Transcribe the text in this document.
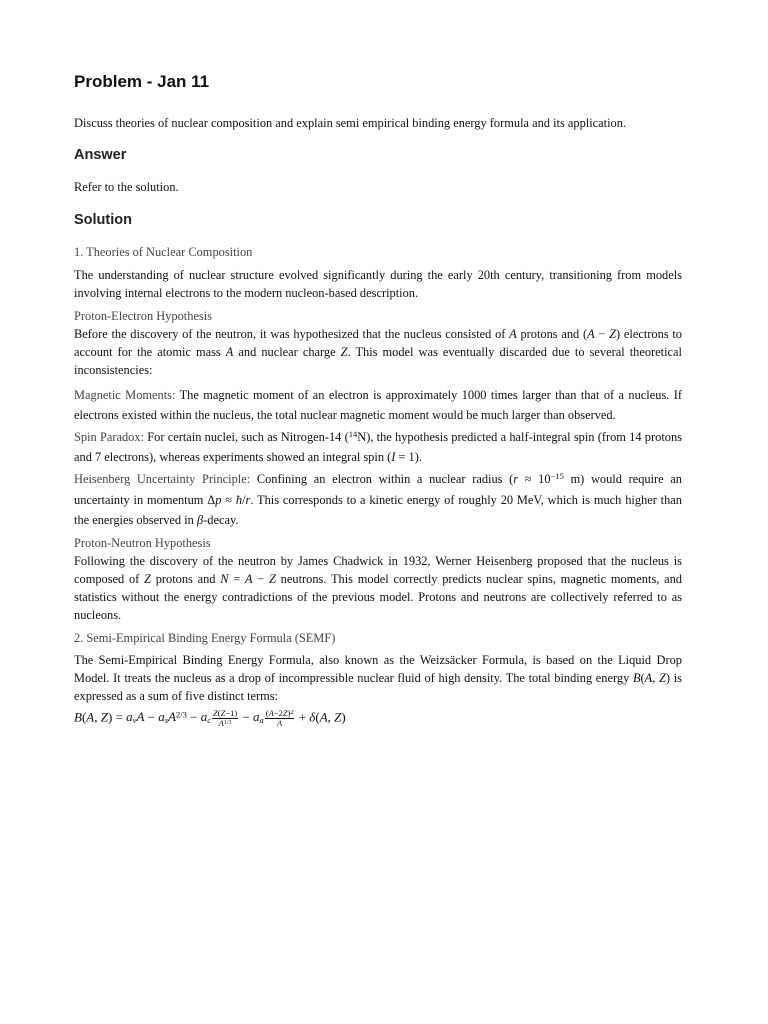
Problem - Jan 11

Discuss theories of nuclear composition and explain semi empirical binding energy formula and its application.

Answer

Refer to the solution.

Solution

1. Theories of Nuclear Composition

The understanding of nuclear structure evolved significantly during the early 20th century, transitioning from models involving internal electrons to the modern nucleon-based description.

Proton-Electron Hypothesis

Before the discovery of the neutron, it was hypothesized that the nucleus consisted of A protons and (A − Z) electrons to account for the atomic mass A and nuclear charge Z. This model was eventually discarded due to several theoretical inconsistencies:

Magnetic Moments: The magnetic moment of an electron is approximately 1000 times larger than that of a nucleus. If electrons existed within the nucleus, the total nuclear magnetic moment would be much larger than observed.

Spin Paradox: For certain nuclei, such as Nitrogen-14 ($^{14}$N), the hypothesis predicted a half-integral spin (from 14 protons and 7 electrons), whereas experiments showed an integral spin (I = 1).

Heisenberg Uncertainty Principle: Confining an electron within a nuclear radius ($r \approx 10^{-15}$ m) would require an uncertainty in momentum Δp ≈ ħ/r. This corresponds to a kinetic energy of roughly 20 MeV, which is much higher than the energies observed in β-decay.

Proton-Neutron Hypothesis

Following the discovery of the neutron by James Chadwick in 1932, Werner Heisenberg proposed that the nucleus is composed of Z protons and N = A − Z neutrons. This model correctly predicts nuclear spins, magnetic moments, and statistics without the energy contradictions of the previous model. Protons and neutrons are collectively referred to as nucleons.

2. Semi-Empirical Binding Energy Formula (SEMF)

The Semi-Empirical Binding Energy Formula, also known as the Weizsäcker Formula, is based on the Liquid Drop Model. It treats the nucleus as a drop of incompressible nuclear fluid of high density. The total binding energy B(A, Z) is expressed as a sum of five distinct terms:

B(A, $Z) = a_vA - a_sA^{2/3} - a_c \frac{Z(Z-1)}{A^{1/3}} - a_a \frac{(A-2Z)^2}{A} + \delta(A$, Z)
